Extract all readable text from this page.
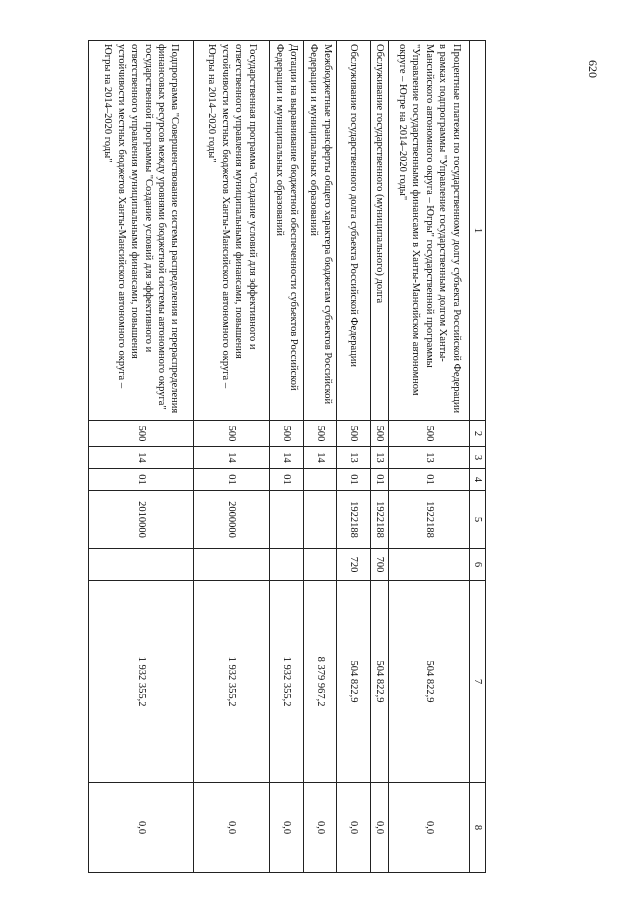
620
1	2	3	4	5	6	7	8
Процентные платежи по государственному долгу субъекта Российской Федерации в рамках подпрограммы "Управление государственным долгом Ханты-Мансийского автономного округа – Югры" государственной программы "Управление государственными финансами в Ханты-Мансийском автономном округе – Югре на 2014–2020 годы"	500	13	01	1922188		504 822,9	0,0
Обслуживание государственного (муниципального) долга	500	13	01	1922188	700	504 822,9	0,0
Обслуживание государственного долга субъекта Российской Федерации	500	13	01	1922188	720	504 822,9	0,0
Межбюджетные трансферты общего характера бюджетам субъектов Российской Федерации и муниципальных образований	500	14				8 379 967,2	0,0
Дотации на выравнивание бюджетной обеспеченности субъектов Российской Федерации и муниципальных образований	500	14	01			1 932 355,2	0,0
Государственная программа "Создание условий для эффективного и ответственного управления муниципальными финансами, повышения устойчивости местных бюджетов Ханты-Мансийского автономного округа – Югры на 2014–2020 годы"	500	14	01	2000000		1 932 355,2	0,0
Подпрограмма "Совершенствование системы распределения и перераспределения финансовых ресурсов между уровнями бюджетной системы автономного округа" государственной программы "Создание условий для эффективного и ответственного управления муниципальными финансами, повышения устойчивости местных бюджетов Ханты-Мансийского автономного округа – Югры на 2014–2020 годы"	500	14	01	2010000		1 932 355,2	0,0
